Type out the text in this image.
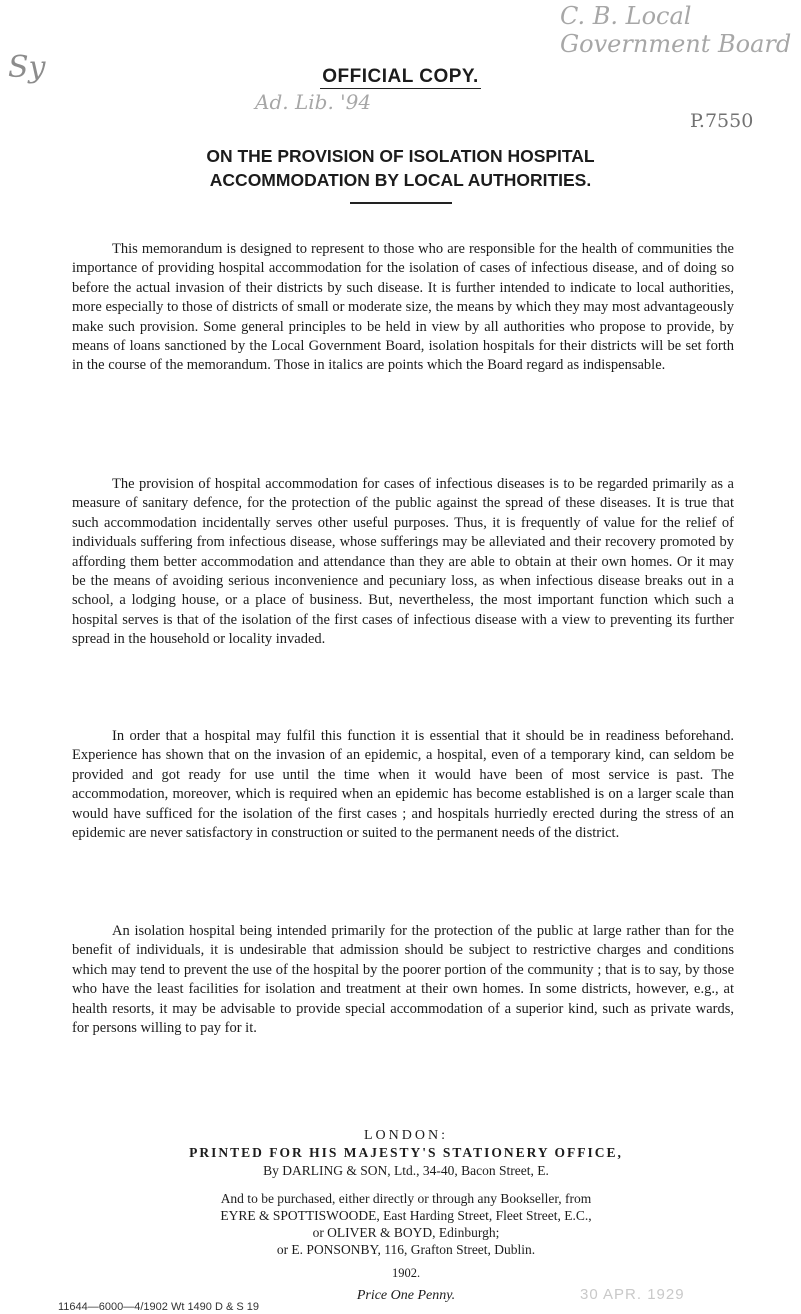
C. B. Local Government Board
Sy
P.7550
Ad. Lib. '94
OFFICIAL COPY.
ON THE PROVISION OF ISOLATION HOSPITAL
ACCOMMODATION BY LOCAL AUTHORITIES.

This memorandum is designed to represent to those who are responsible for the health of communities the importance of providing hospital accommodation for the isolation of cases of infectious disease, and of doing so before the actual invasion of their districts by such disease. It is further intended to indicate to local authorities, more especially to those of districts of small or moderate size, the means by which they may most advantageously make such provision. Some general principles to be held in view by all authorities who propose to provide, by means of loans sanctioned by the Local Government Board, isolation hospitals for their districts will be set forth in the course of the memorandum. Those in italics are points which the Board regard as indispensable.

The provision of hospital accommodation for cases of infectious diseases is to be regarded primarily as a measure of sanitary defence, for the protection of the public against the spread of these diseases. It is true that such accommodation incidentally serves other useful purposes. Thus, it is frequently of value for the relief of individuals suffering from infectious disease, whose sufferings may be alleviated and their recovery promoted by affording them better accommodation and attendance than they are able to obtain at their own homes. Or it may be the means of avoiding serious inconvenience and pecuniary loss, as when infectious disease breaks out in a school, a lodging house, or a place of business. But, nevertheless, the most important function which such a hospital serves is that of the isolation of the first cases of infectious disease with a view to preventing its further spread in the household or locality invaded.

In order that a hospital may fulfil this function it is essential that it should be in readiness beforehand. Experience has shown that on the invasion of an epidemic, a hospital, even of a temporary kind, can seldom be provided and got ready for use until the time when it would have been of most service is past. The accommodation, moreover, which is required when an epidemic has become established is on a larger scale than would have sufficed for the isolation of the first cases ; and hospitals hurriedly erected during the stress of an epidemic are never satisfactory in construction or suited to the permanent needs of the district.

An isolation hospital being intended primarily for the protection of the public at large rather than for the benefit of individuals, it is undesirable that admission should be subject to restrictive charges and conditions which may tend to prevent the use of the hospital by the poorer portion of the community ; that is to say, by those who have the least facilities for isolation and treatment at their own homes. In some districts, however, e.g., at health resorts, it may be advisable to provide special accommodation of a superior kind, such as private wards, for persons willing to pay for it.

LONDON:
PRINTED FOR HIS MAJESTY'S STATIONERY OFFICE,
By DARLING & SON, Ltd., 34-40, Bacon Street, E.
And to be purchased, either directly or through any Bookseller, from
EYRE & SPOTTISWOODE, East Harding Street, Fleet Street, E.C.,
or OLIVER & BOYD, Edinburgh;
or E. PONSONBY, 116, Grafton Street, Dublin.
1902.
Price One Penny.
11644—6000—4/1902 Wt 1490 D & S 19
30 APR. 1929
